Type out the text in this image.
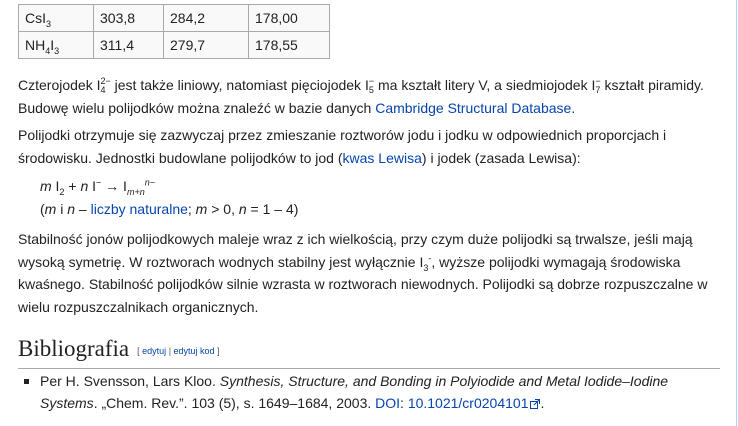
CsI$_3$	303,8	284,2	178,00
$NH_4I_3$	311,4	279,7	178,55

Czterojodek I2−
4 jest także liniowy, natomiast pięciojodek I−
5 ma kształt litery V, a siedmiojodek I−
7 kształt piramidy.
Budowę wielu polijodków można znaleźć w bazie danych Cambridge Structural Database.

Polijodki otrzymuje się zazwyczaj przez zmieszanie roztworów jodu i jodku w odpowiednich proporcjach i
środowisku. Jednostki budowlane polijodków to jod (kwas Lewisa) i jodek (zasada Lewisa):

m $I_2 + n$ $I^- \to I_{m+n}^{n-}$
(m i n – liczby naturalne; m > 0, n = 1 – 4)

Stabilność jonów polijodkowych maleje wraz z ich wielkością, przy czym duże polijodki są trwalsze, jeśli mają
wysoką symetrię. W roztworach wodnych stabilny jest wyłącznie $I_3^-$, wyższe polijodki wymagają środowiska
kwaśnego. Stabilność polijodków silnie wzrasta w roztworach niewodnych. Polijodki są dobrze rozpuszczalne w
wielu rozpuszczalnikach organicznych.

Bibliografia [ edytuj | edytuj kod ]
Per H. Svensson, Lars Kloo. Synthesis, Structure, and Bonding in Polyiodide and Metal Iodide–Iodine
Systems. „Chem. Rev.”. 103 (5), s. 1649–1684, 2003. DOI: 10.1021/cr0204101 .
